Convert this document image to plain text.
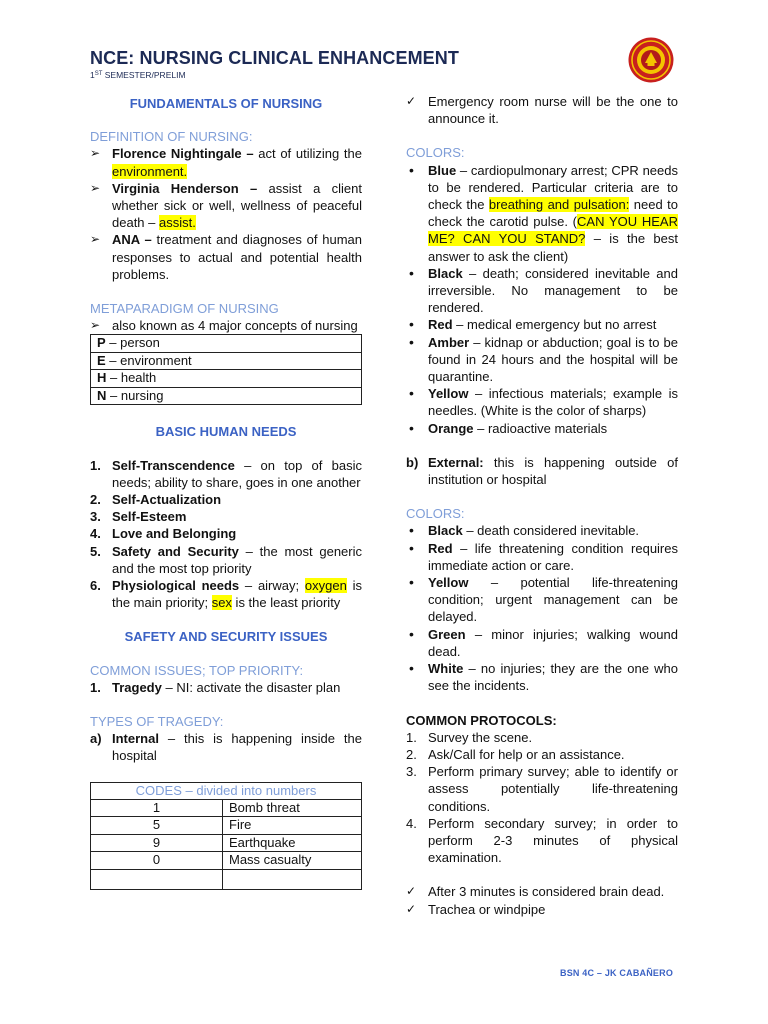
NCE: NURSING CLINICAL ENHANCEMENT
1ST SEMESTER/PRELIM
FUNDAMENTALS OF NURSING
DEFINITION OF NURSING:
➢ Florence Nightingale – act of utilizing the environment.
➢ Virginia Henderson – assist a client whether sick or well, wellness of peaceful death – assist.
➢ ANA – treatment and diagnoses of human responses to actual and potential health problems.
METAPARADIGM OF NURSING
➢ also known as 4 major concepts of nursing
P – person
E – environment
H – health
N – nursing
BASIC HUMAN NEEDS
1. Self-Transcendence – on top of basic needs; ability to share, goes in one another
2. Self-Actualization
3. Self-Esteem
4. Love and Belonging
5. Safety and Security – the most generic and the most top priority
6. Physiological needs – airway; oxygen is the main priority; sex is the least priority
SAFETY AND SECURITY ISSUES
COMMON ISSUES; TOP PRIORITY:
1. Tragedy – NI: activate the disaster plan
TYPES OF TRAGEDY:
a) Internal – this is happening inside the hospital
CODES – divided into numbers	
1	Bomb threat
5	Fire
9	Earthquake
0	Mass casualty

✓ Emergency room nurse will be the one to announce it.
COLORS:
•	Blue – cardiopulmonary arrest; CPR needs to be rendered. Particular criteria are to check the breathing and pulsation: need to check the carotid pulse. (CAN YOU HEAR ME? CAN YOU STAND? – is the best answer to ask the client)
•	Black – death; considered inevitable and irreversible. No management to be rendered.
•	Red – medical emergency but no arrest
•	Amber – kidnap or abduction; goal is to be found in 24 hours and the hospital will be quarantine.
•	Yellow – infectious materials; example is needles. (White is the color of sharps)
•	Orange – radioactive materials
b) External: this is happening outside of institution or hospital
COLORS:
•	Black – death considered inevitable.
•	Red – life threatening condition requires immediate action or care.
•	Yellow – potential life-threatening condition; urgent management can be delayed.
•	Green – minor injuries; walking wound dead.
•	White – no injuries; they are the one who see the incidents.
COMMON PROTOCOLS:
1. Survey the scene.
2. Ask/Call for help or an assistance.
3. Perform primary survey; able to identify or assess potentially life-threatening conditions.
4. Perform secondary survey; in order to perform 2-3 minutes of physical examination.
✓ After 3 minutes is considered brain dead.
✓ Trachea or windpipe
BSN 4C – JK CABAÑERO
